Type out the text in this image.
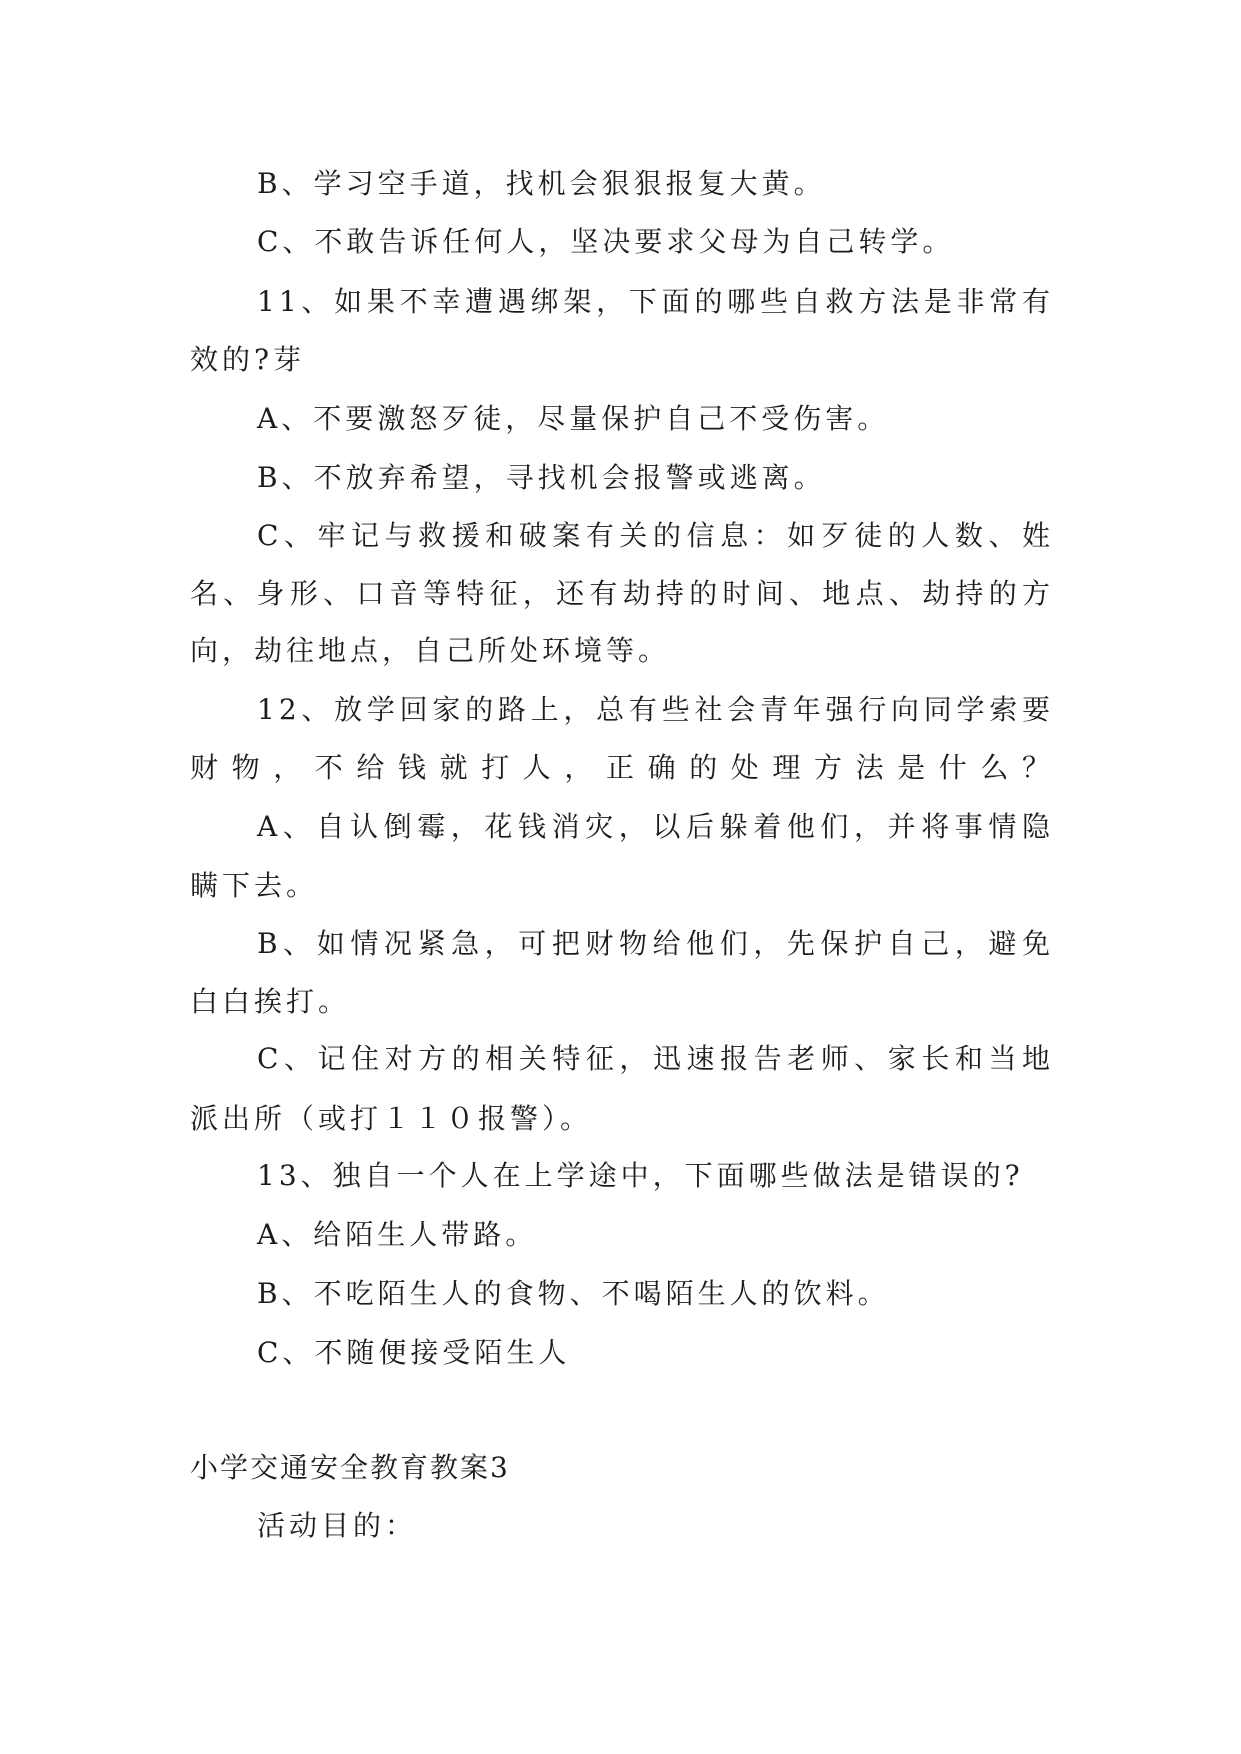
B、学习空手道，找机会狠狠报复大黄。
C、不敢告诉任何人，坚决要求父母为自己转学。
11、如果不幸遭遇绑架，下面的哪些自救方法是非常有
效的?芽
A、不要激怒歹徒，尽量保护自己不受伤害。
B、不放弃希望，寻找机会报警或逃离。
C、牢记与救援和破案有关的信息：如歹徒的人数、姓
名、身形、口音等特征，还有劫持的时间、地点、劫持的方
向，劫往地点，自己所处环境等。
12、放学回家的路上，总有些社会青年强行向同学索要
财物，不给钱就打人，正确的处理方法是什么？
A、自认倒霉，花钱消灾，以后躲着他们，并将事情隐
瞒下去。
B、如情况紧急，可把财物给他们，先保护自己，避免
白白挨打。
C、记住对方的相关特征，迅速报告老师、家长和当地
派出所（或打１１０报警）。
13、独自一个人在上学途中，下面哪些做法是错误的?
A、给陌生人带路。
B、不吃陌生人的食物、不喝陌生人的饮料。
C、不随便接受陌生人
小学交通安全教育教案3
活动目的：
